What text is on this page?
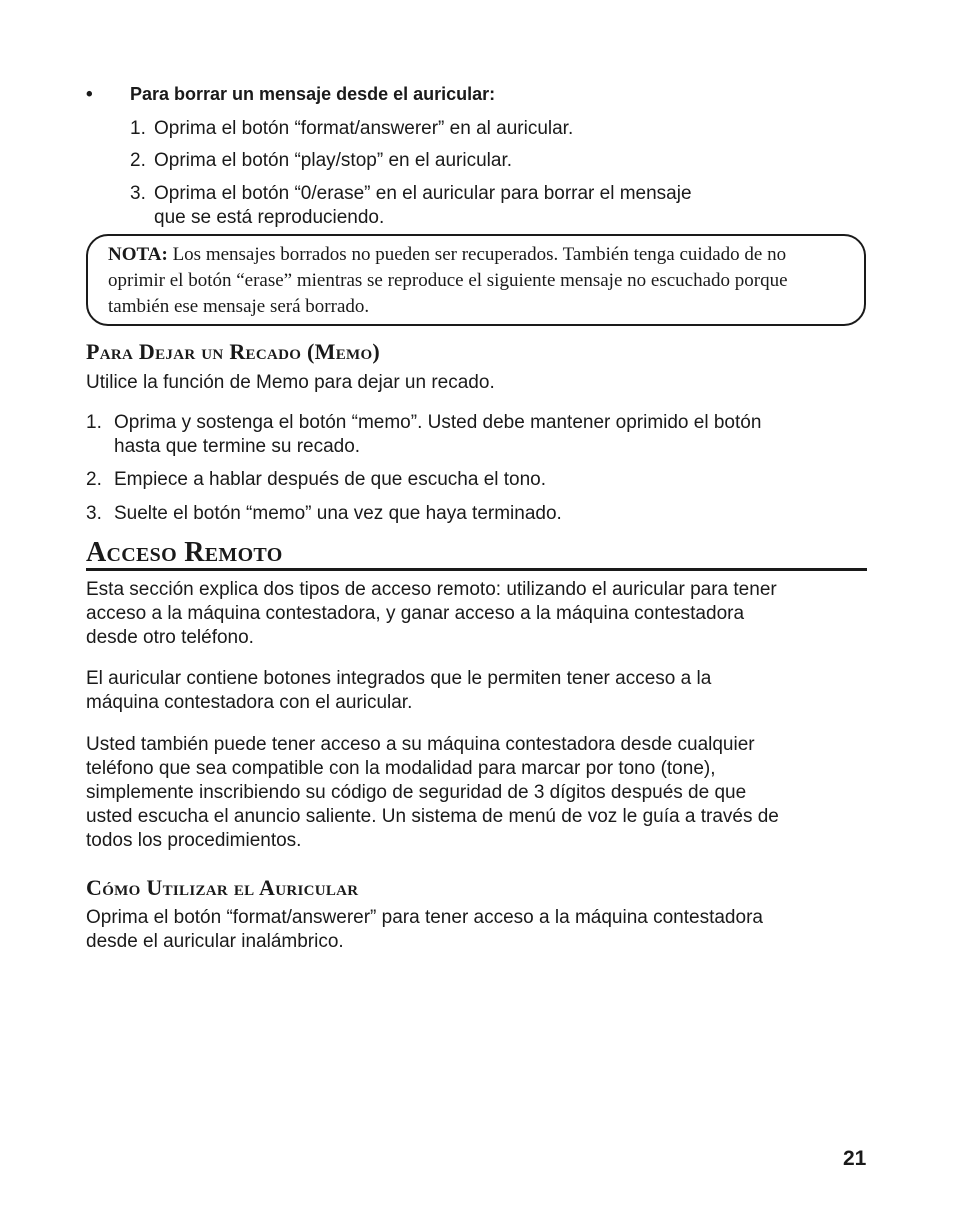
• Para borrar un mensaje desde el auricular:
1. Oprima el botón “format/answerer” en al auricular.
2. Oprima el botón “play/stop” en el auricular.
3. Oprima el botón “0/erase” en el auricular para borrar el mensaje
que se está reproduciendo.
NOTA: Los mensajes borrados no pueden ser recuperados. También tenga cuidado de no oprimir el botón “erase” mientras se reproduce el siguiente mensaje no escuchado porque también ese mensaje será borrado.
Para Dejar un Recado (Memo)
Utilice la función de Memo para dejar un recado.
1. Oprima y sostenga el botón “memo”. Usted debe mantener oprimido el botón
hasta que termine su recado.
2. Empiece a hablar después de que escucha el tono.
3. Suelte el botón “memo” una vez que haya terminado.
Acceso Remoto
Esta sección explica dos tipos de acceso remoto: utilizando el auricular para tener
acceso a la máquina contestadora, y ganar acceso a la máquina contestadora
desde otro teléfono.
El auricular contiene botones integrados que le permiten tener acceso a la
máquina contestadora con el auricular.
Usted también puede tener acceso a su máquina contestadora desde cualquier
teléfono que sea compatible con la modalidad para marcar por tono (tone),
simplemente inscribiendo su código de seguridad de 3 dígitos después de que
usted escucha el anuncio saliente. Un sistema de menú de voz le guía a través de
todos los procedimientos.
Cómo Utilizar el Auricular
Oprima el botón “format/answerer” para tener acceso a la máquina contestadora
desde el auricular inalámbrico.
21
